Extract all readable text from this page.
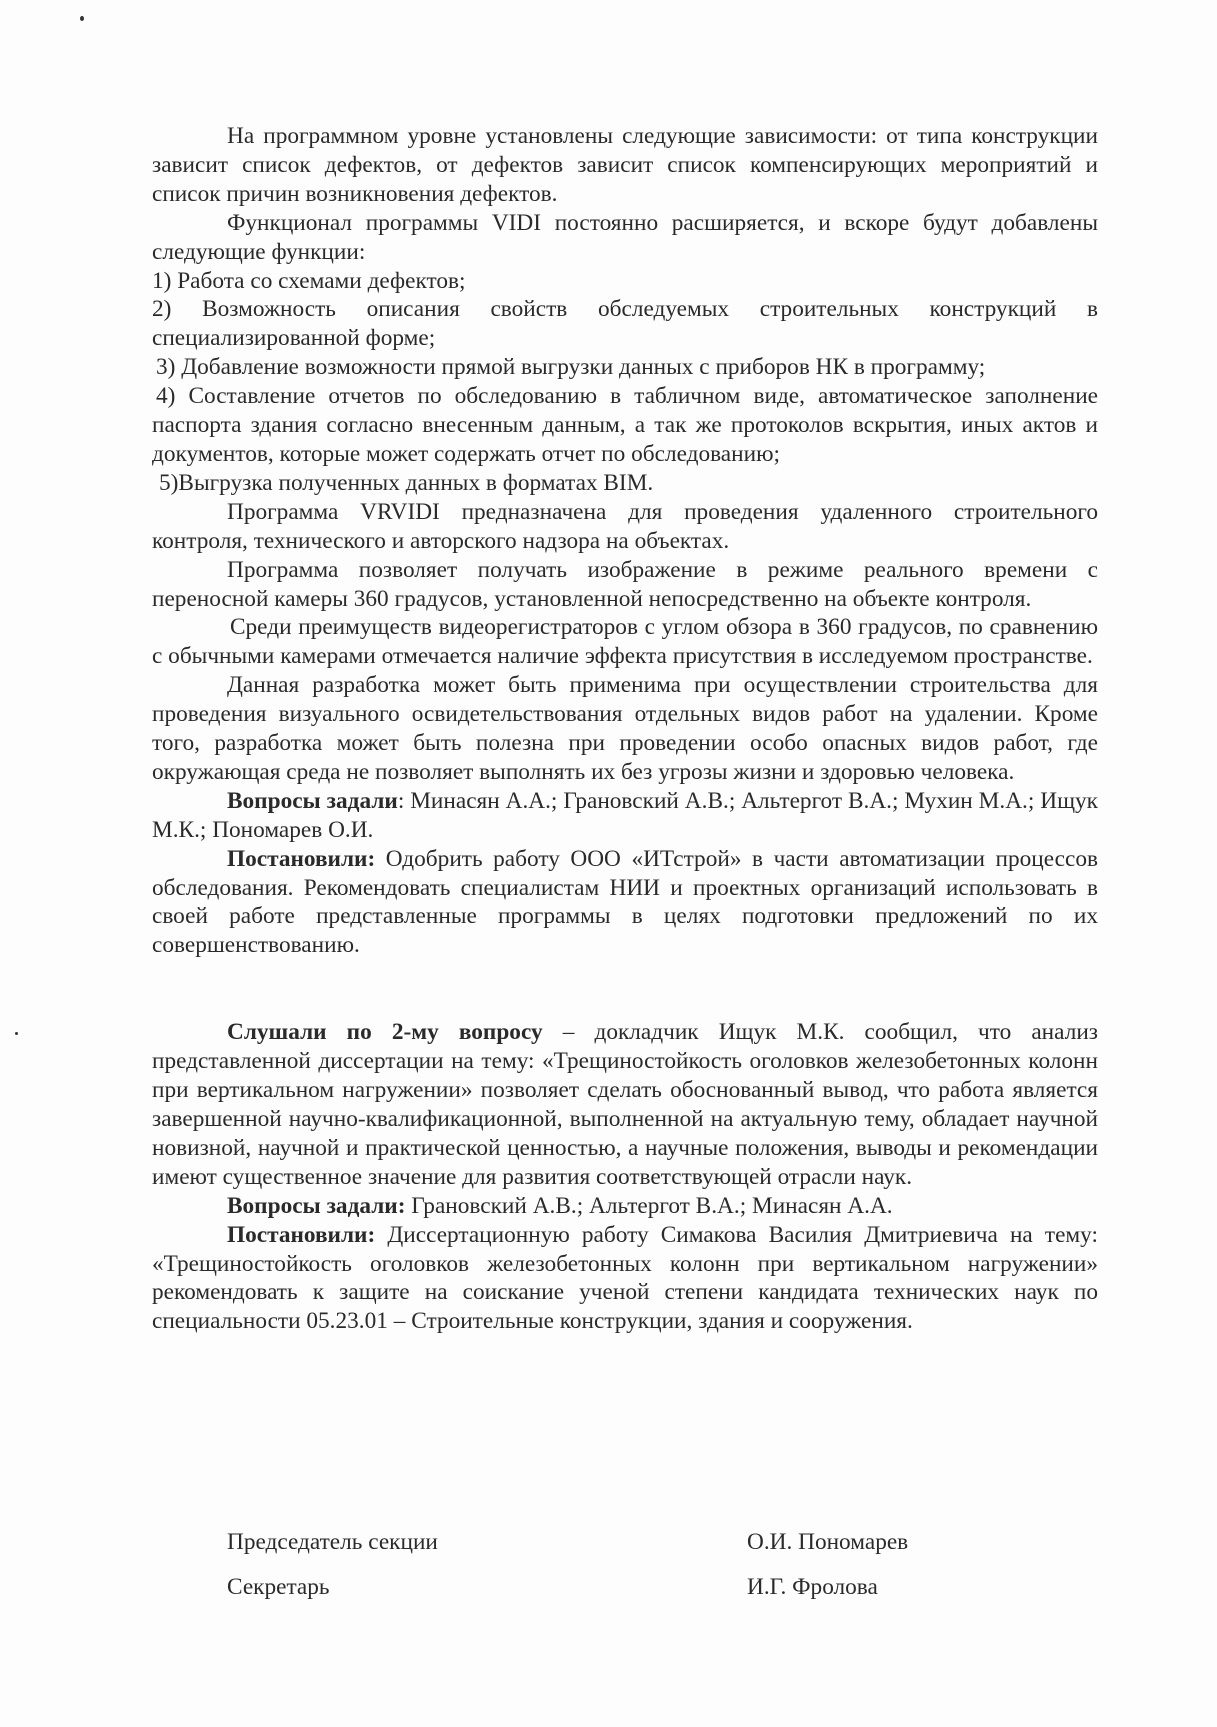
На программном уровне установлены следующие зависимости: от типа конструкции зависит список дефектов, от дефектов зависит список компенсирующих мероприятий и список причин возникновения дефектов.

Функционал программы VIDI постоянно расширяется, и вскоре будут добавлены следующие функции:

1) Работа со схемами дефектов;

2) Возможность описания свойств обследуемых строительных конструкций в специализированной форме;

3) Добавление возможности прямой выгрузки данных с приборов НК в программу;

4) Составление отчетов по обследованию в табличном виде, автоматическое заполнение паспорта здания согласно внесенным данным, а так же протоколов вскрытия, иных актов и документов, которые может содержать отчет по обследованию;

5)Выгрузка полученных данных в форматах BIM.

Программа VRVIDI предназначена для проведения удаленного строительного контроля, технического и авторского надзора на объектах.

Программа позволяет получать изображение в режиме реального времени с переносной камеры 360 градусов, установленной непосредственно на объекте контроля.

Среди преимуществ видеорегистраторов с углом обзора в 360 градусов, по сравнению с обычными камерами отмечается наличие эффекта присутствия в исследуемом пространстве.

Данная разработка может быть применима при осуществлении строительства для проведения визуального освидетельствования отдельных видов работ на удалении. Кроме того, разработка может быть полезна при проведении особо опасных видов работ, где окружающая среда не позволяет выполнять их без угрозы жизни и здоровью человека.

Вопросы задали: Минасян А.А.; Грановский А.В.; Альтергот В.А.; Мухин М.А.; Ищук М.К.; Пономарев О.И.

Постановили: Одобрить работу ООО «ИТстрой» в части автоматизации процессов обследования. Рекомендовать специалистам НИИ и проектных организаций использовать в своей работе представленные программы в целях подготовки предложений по их совершенствованию.

Слушали по 2-му вопросу – докладчик Ищук М.К. сообщил, что анализ представленной диссертации на тему: «Трещиностойкость оголовков железобетонных колонн при вертикальном нагружении» позволяет сделать обоснованный вывод, что работа является завершенной научно-квалификационной, выполненной на актуальную тему, обладает научной новизной, научной и практической ценностью, а научные положения, выводы и рекомендации имеют существенное значение для развития соответствующей отрасли наук.

Вопросы задали: Грановский А.В.; Альтергот В.А.; Минасян А.А.

Постановили: Диссертационную работу Симакова Василия Дмитриевича на тему: «Трещиностойкость оголовков железобетонных колонн при вертикальном нагружении» рекомендовать к защите на соискание ученой степени кандидата технических наук по специальности 05.23.01 – Строительные конструкции, здания и сооружения.

Председатель секции	О.И. Пономарев
Секретарь	И.Г. Фролова
